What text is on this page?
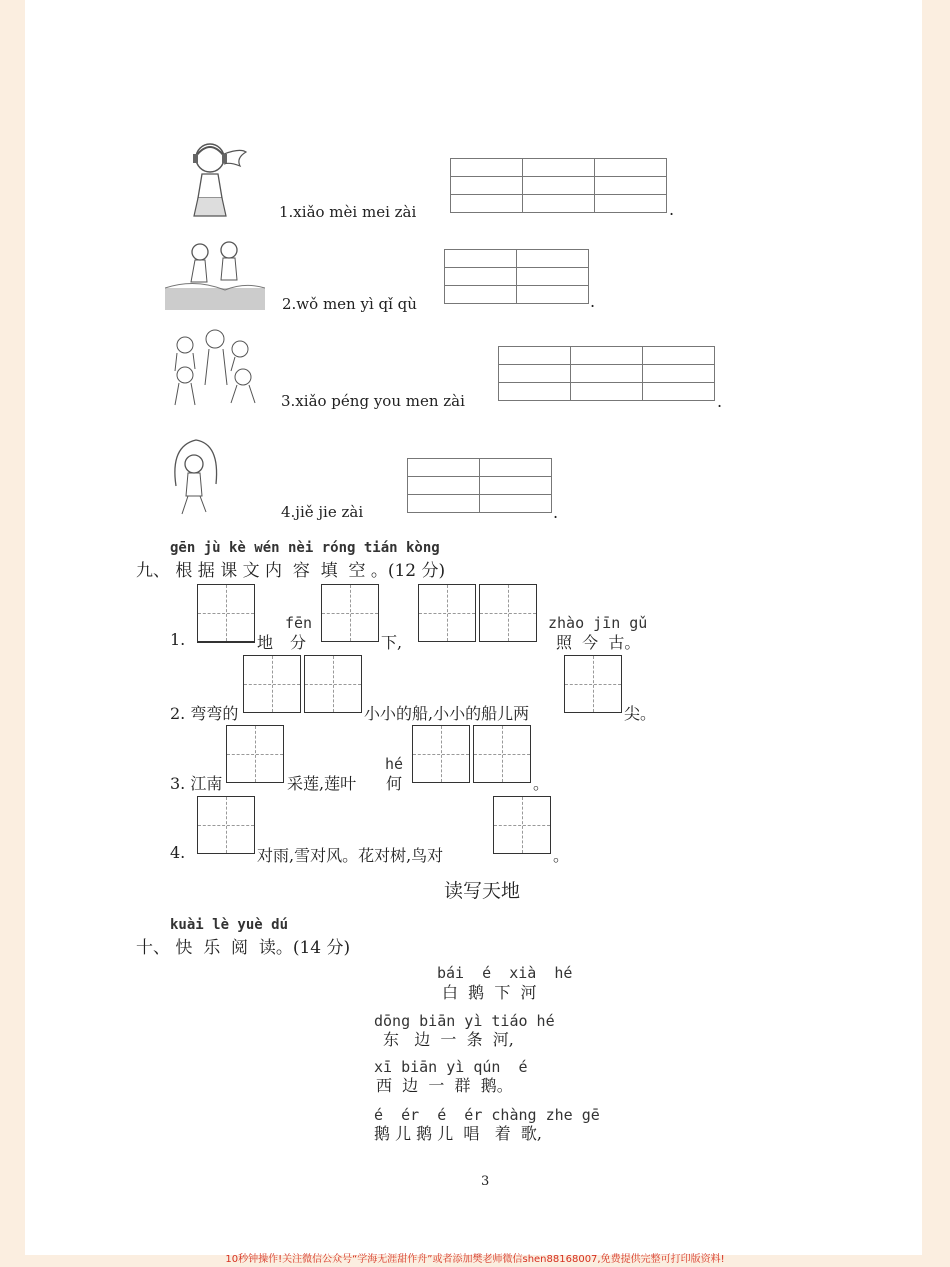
1.xiǎo mèi mei zài

			.
2.wǒ men yì qǐ qù

		.
3.xiǎo péng you men zài

			.
4.jiě jie zài

		.
gēn jù kè wén nèi róng tián kòng
九、 根 据 课 文 内  容  填  空 。(12 分)
1.	地
fēn
分	下,
zhào jīn gǔ
照  今  古。
2. 弯弯的	小小的船,小小的船儿两	尖。
3. 江南	采莲,莲叶
hé
何	。
4.	对雨,雪对风。花对树,鸟对	。
读写天地
kuài lè yuè dú
十、 快  乐  阅  读。(14 分)
bái  é  xià  hé
白  鹅  下  河
dōng biān yì tiáo hé
东   边  一  条  河,
xī biān yì qún  é
西  边  一  群  鹅。
é  ér  é  ér chàng zhe gē
鹅 儿 鹅 儿  唱   着  歌,
3
10秒钟操作!关注微信公众号“学海无涯甜作舟”或者添加樊老师微信shen88168007,免费提供完整可打印版资料!
